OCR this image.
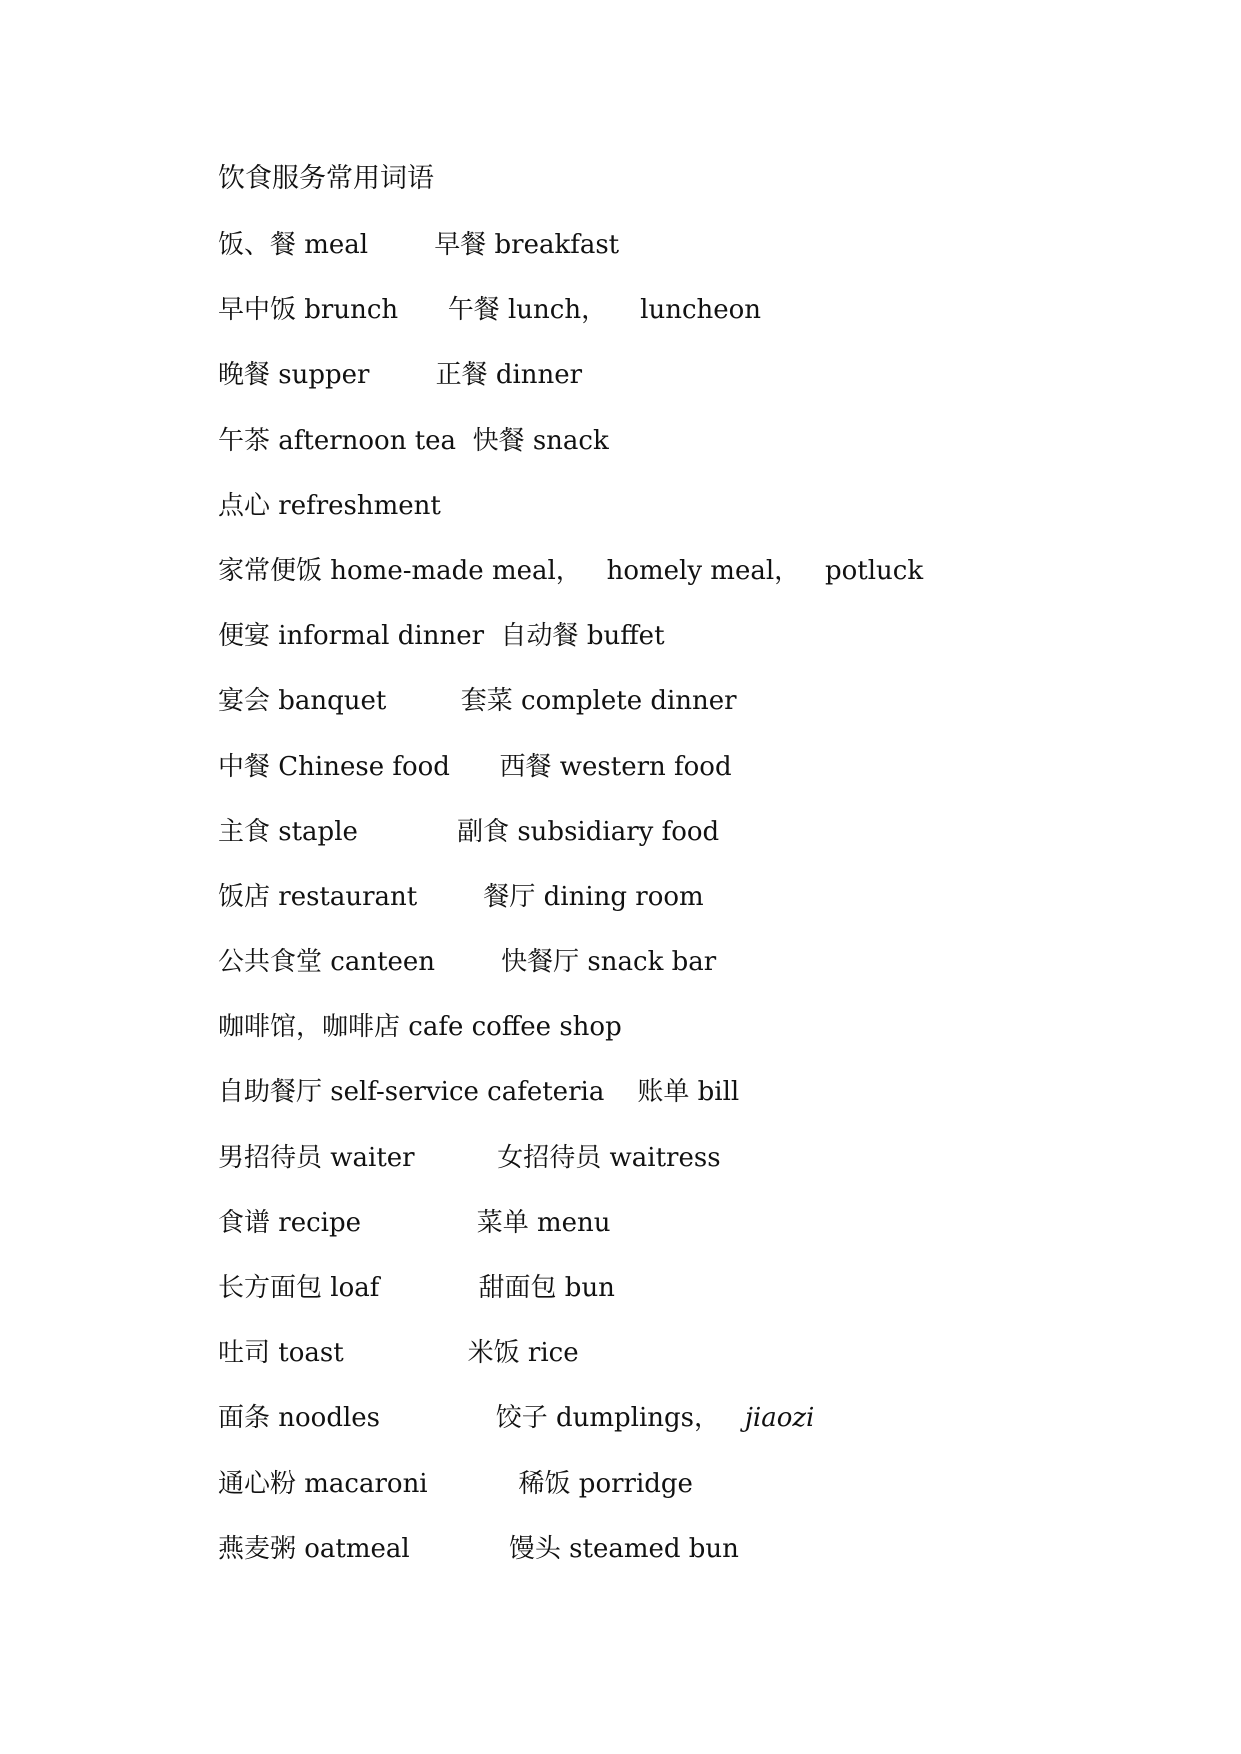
饮食服务常用词语
饭、餐 meal        早餐 breakfast
早中饭 brunch      午餐 lunch，    luncheon
晚餐 supper        正餐 dinner
午茶 afternoon tea  快餐 snack
点心 refreshment
家常便饭 home-made meal，   homely meal，   potluck
便宴 informal dinner  自动餐 buffet
宴会 banquet         套菜 complete dinner
中餐 Chinese food      西餐 western food
主食 staple            副食 subsidiary food
饭店 restaurant        餐厅 dining room
公共食堂 canteen        快餐厅 snack bar
咖啡馆，咖啡店 cafe coffee shop
自助餐厅 self-service cafeteria    账单 bill
男招待员 waiter          女招待员 waitress
食谱 recipe              菜单 menu
长方面包 loaf            甜面包 bun
吐司 toast               米饭 rice
面条 noodles              饺子 dumplings，   jiaozi
通心粉 macaroni           稀饭 porridge
燕麦粥 oatmeal            馒头 steamed bun
